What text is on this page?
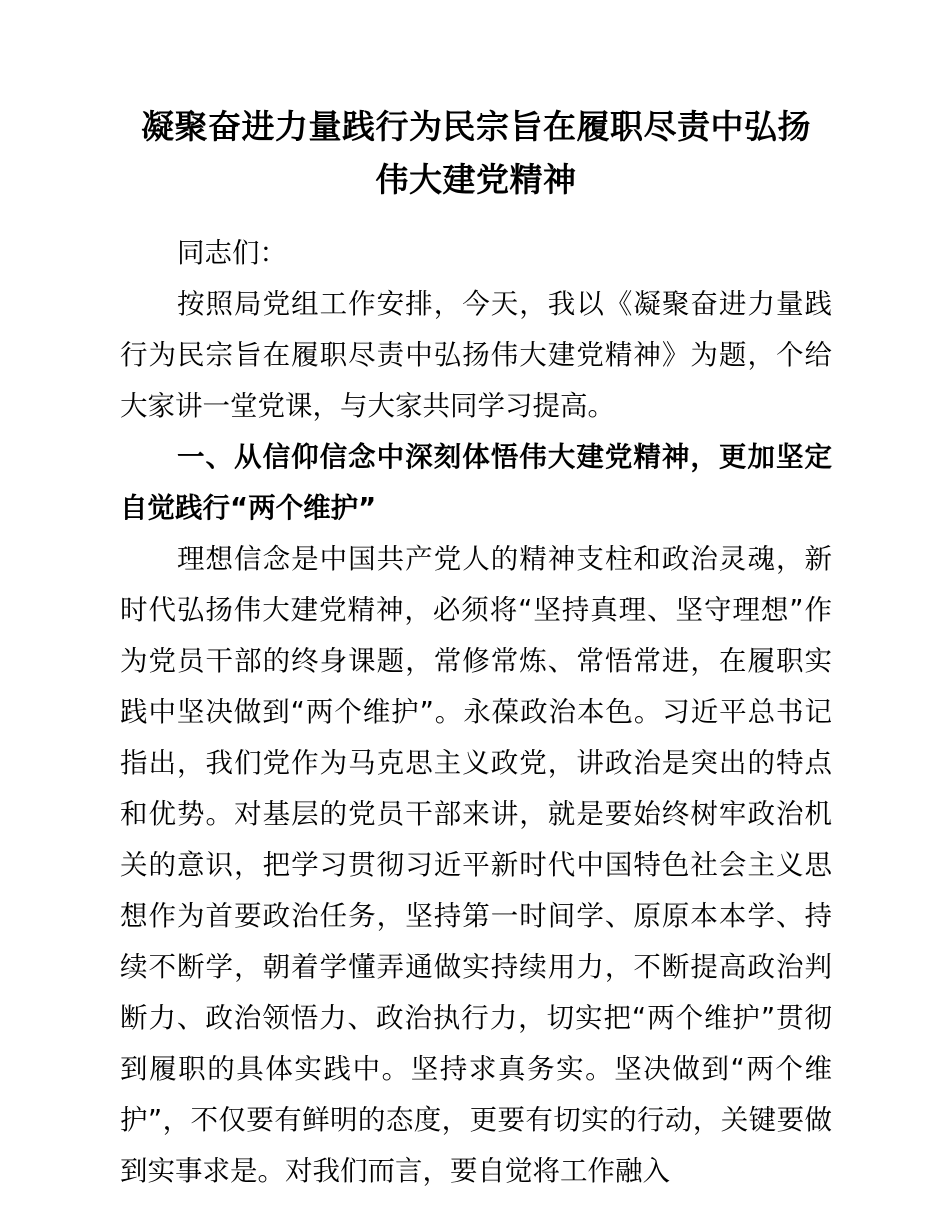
凝聚奋进力量践行为民宗旨在履职尽责中弘扬
伟大建党精神

同志们：

按照局党组工作安排，今天，我以《凝聚奋进力量践行为民宗旨在履职尽责中弘扬伟大建党精神》为题，个给大家讲一堂党课，与大家共同学习提高。

一、从信仰信念中深刻体悟伟大建党精神，更加坚定自觉践行“两个维护”

理想信念是中国共产党人的精神支柱和政治灵魂，新时代弘扬伟大建党精神，必须将“坚持真理、坚守理想”作为党员干部的终身课题，常修常炼、常悟常进，在履职实践中坚决做到“两个维护”。永葆政治本色。习近平总书记指出，我们党作为马克思主义政党，讲政治是突出的特点和优势。对基层的党员干部来讲，就是要始终树牢政治机关的意识，把学习贯彻习近平新时代中国特色社会主义思想作为首要政治任务，坚持第一时间学、原原本本学、持续不断学，朝着学懂弄通做实持续用力，不断提高政治判断力、政治领悟力、政治执行力，切实把“两个维护”贯彻到履职的具体实践中。坚持求真务实。坚决做到“两个维护”，不仅要有鲜明的态度，更要有切实的行动，关键要做到实事求是。对我们而言，要自觉将工作融入
